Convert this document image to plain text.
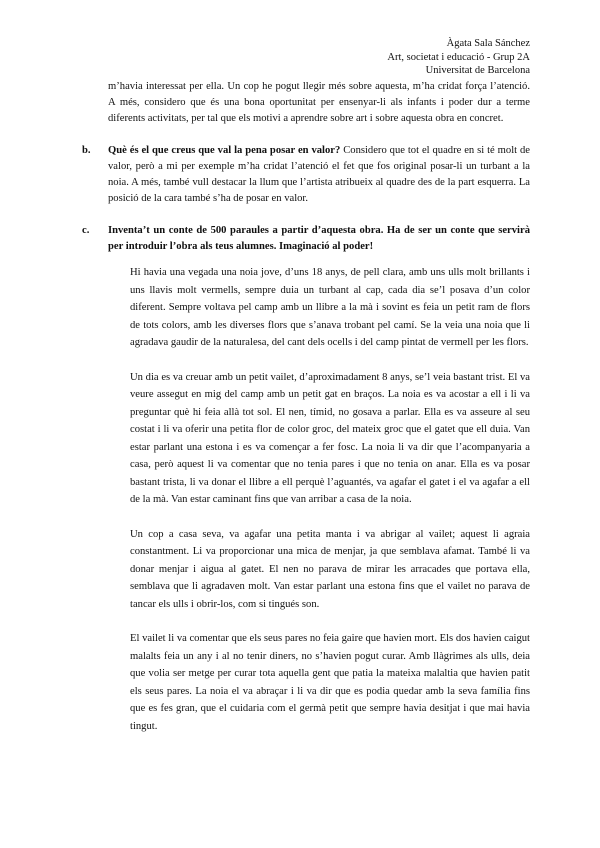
Àgata Sala Sánchez
Art, societat i educació - Grup 2A
Universitat de Barcelona
m’havia interessat per ella. Un cop he pogut llegir més sobre aquesta, m’ha cridat força l’atenció. A més, considero que és una bona oportunitat per ensenyar-li als infants i poder dur a terme diferents activitats, per tal que els motivi a aprendre sobre art i sobre aquesta obra en concret.
b. Què és el que creus que val la pena posar en valor? Considero que tot el quadre en si té molt de valor, però a mi per exemple m’ha cridat l’atenció el fet que fos original posar-li un turbant a la noia. A més, també vull destacar la llum que l’artista atribueix al quadre des de la part esquerra. La posició de la cara també s’ha de posar en valor.
c. Inventa’t un conte de 500 paraules a partir d’aquesta obra. Ha de ser un conte que servirà per introduir l’obra als teus alumnes. Imaginació al poder!

Hi havia una vegada una noia jove, d’uns 18 anys, de pell clara, amb uns ulls molt brillants i uns llavis molt vermells, sempre duia un turbant al cap, cada dia se’l posava d’un color diferent. Sempre voltava pel camp amb un llibre a la mà i sovint es feia un petit ram de flors de tots colors, amb les diverses flors que s’anava trobant pel camí. Se la veia una noia que li agradava gaudir de la naturalesa, del cant dels ocells i del camp pintat de vermell per les flors.

Un dia es va creuar amb un petit vailet, d’aproximadament 8 anys, se’l veia bastant trist. El va veure assegut en mig del camp amb un petit gat en braços. La noia es va acostar a ell i li va preguntar què hi feia allà tot sol. El nen, tímid, no gosava a parlar. Ella es va asseure al seu costat i li va oferir una petita flor de color groc, del mateix groc que el gatet que ell duia. Van estar parlant una estona i es va començar a fer fosc. La noia li va dir que l’acompanyaria a casa, però aquest li va comentar que no tenia pares i que no tenia on anar. Ella es va posar bastant trista, li va donar el llibre a ell perquè l’aguantés, va agafar el gatet i el va agafar a ell de la mà. Van estar caminant fins que van arribar a casa de la noia.

Un cop a casa seva, va agafar una petita manta i va abrigar al vailet; aquest li agraia constantment. Li va proporcionar una mica de menjar, ja que semblava afamat. També li va donar menjar i aigua al gatet. El nen no parava de mirar les arracades que portava ella, semblava que li agradaven molt. Van estar parlant una estona fins que el vailet no parava de tancar els ulls i obrir-los, com si tingués son.

El vailet li va comentar que els seus pares no feia gaire que havien mort. Els dos havien caigut malalts feia un any i al no tenir diners, no s’havien pogut curar. Amb llàgrimes als ulls, deia que volia ser metge per curar tota aquella gent que patia la mateixa malaltia que havien patit els seus pares. La noia el va abraçar i li va dir que es podia quedar amb la seva família fins que es fes gran, que el cuidaria com el germà petit que sempre havia desitjat i que mai havia tingut.
